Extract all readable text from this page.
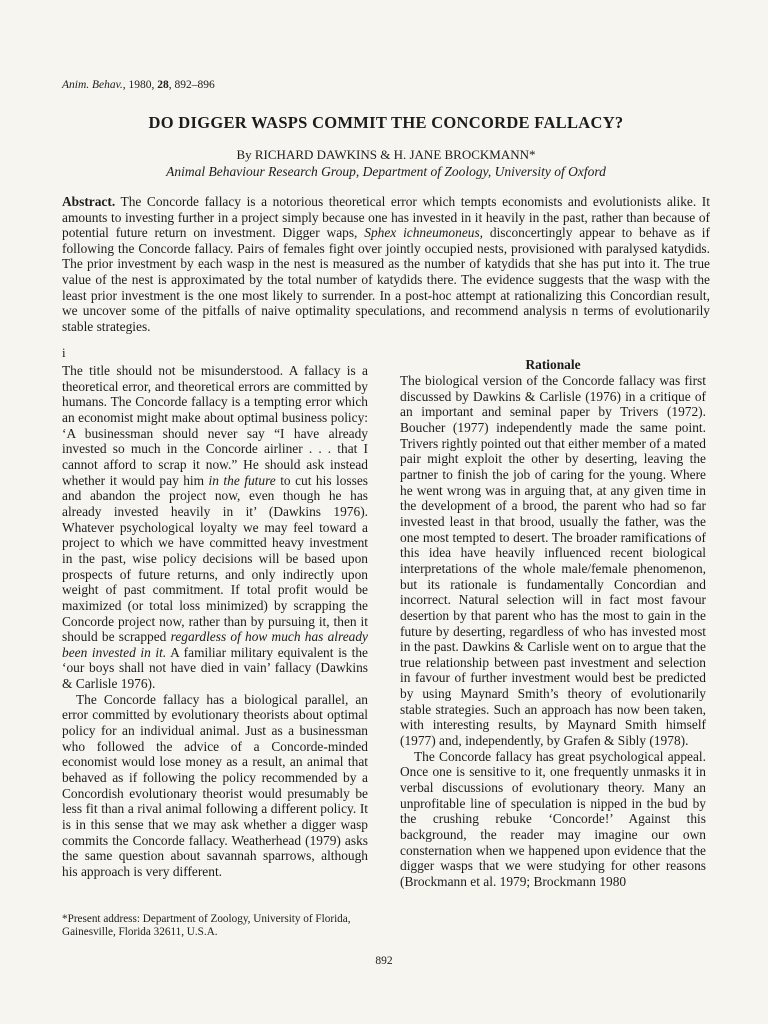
Anim. Behav., 1980, 28, 892–896
DO DIGGER WASPS COMMIT THE CONCORDE FALLACY?
By RICHARD DAWKINS & H. JANE BROCKMANN*
Animal Behaviour Research Group, Department of Zoology, University of Oxford
Abstract. The Concorde fallacy is a notorious theoretical error which tempts economists and evolutionists alike. It amounts to investing further in a project simply because one has invested in it heavily in the past, rather than because of potential future return on investment. Digger waps, Sphex ichneumoneus, disconcertingly appear to behave as if following the Concorde fallacy. Pairs of females fight over jointly occupied nests, provisioned with paralysed katydids. The prior investment by each wasp in the nest is measured as the number of katydids that she has put into it. The true value of the nest is approximated by the total number of katydids there. The evidence suggests that the wasp with the least prior investment is the one most likely to surrender. In a post-hoc attempt at rationalizing this Concordian result, we uncover some of the pitfalls of naive optimality speculations, and recommend analysis n terms of evolutionarily stable strategies.
i

The title should not be misunderstood. A fallacy is a theoretical error, and theoretical errors are committed by humans. The Concorde fallacy is a tempting error which an economist might make about optimal business policy: ‘A businessman should never say “I have already invested so much in the Concorde airliner . . . that I cannot afford to scrap it now.” He should ask instead whether it would pay him in the future to cut his losses and abandon the project now, even though he has already invested heavily in it’ (Dawkins 1976). Whatever psychological loyalty we may feel toward a project to which we have committed heavy investment in the past, wise policy decisions will be based upon prospects of future returns, and only indirectly upon weight of past commitment. If total profit would be maximized (or total loss minimized) by scrapping the Concorde project now, rather than by pursuing it, then it should be scrapped regardless of how much has already been invested in it. A familiar military equivalent is the ‘our boys shall not have died in vain’ fallacy (Dawkins & Carlisle 1976).

The Concorde fallacy has a biological parallel, an error committed by evolutionary theorists about optimal policy for an individual animal. Just as a businessman who followed the advice of a Concorde-minded economist would lose money as a result, an animal that behaved as if following the policy recommended by a Concordish evolutionary theorist would presumably be less fit than a rival animal following a different policy. It is in this sense that we may ask whether a digger wasp commits the Concorde fallacy. Weatherhead (1979) asks the same question about savannah sparrows, although his approach is very different.

*Present address: Department of Zoology, University of Florida, Gainesville, Florida 32611, U.S.A.

Rationale

The biological version of the Concorde fallacy was first discussed by Dawkins & Carlisle (1976) in a critique of an important and seminal paper by Trivers (1972). Boucher (1977) independently made the same point. Trivers rightly pointed out that either member of a mated pair might exploit the other by deserting, leaving the partner to finish the job of caring for the young. Where he went wrong was in arguing that, at any given time in the development of a brood, the parent who had so far invested least in that brood, usually the father, was the one most tempted to desert. The broader ramifications of this idea have heavily influenced recent biological interpretations of the whole male/female phenomenon, but its rationale is fundamentally Concordian and incorrect. Natural selection will in fact most favour desertion by that parent who has the most to gain in the future by deserting, regardless of who has invested most in the past. Dawkins & Carlisle went on to argue that the true relationship between past investment and selection in favour of further investment would best be predicted by using Maynard Smith’s theory of evolutionarily stable strategies. Such an approach has now been taken, with interesting results, by Maynard Smith himself (1977) and, independently, by Grafen & Sibly (1978).

The Concorde fallacy has great psychological appeal. Once one is sensitive to it, one frequently unmasks it in verbal discussions of evolutionary theory. Many an unprofitable line of speculation is nipped in the bud by the crushing rebuke ‘Concorde!’ Against this background, the reader may imagine our own consternation when we happened upon evidence that the digger wasps that we were studying for other reasons (Brockmann et al. 1979; Brockmann 1980

892
